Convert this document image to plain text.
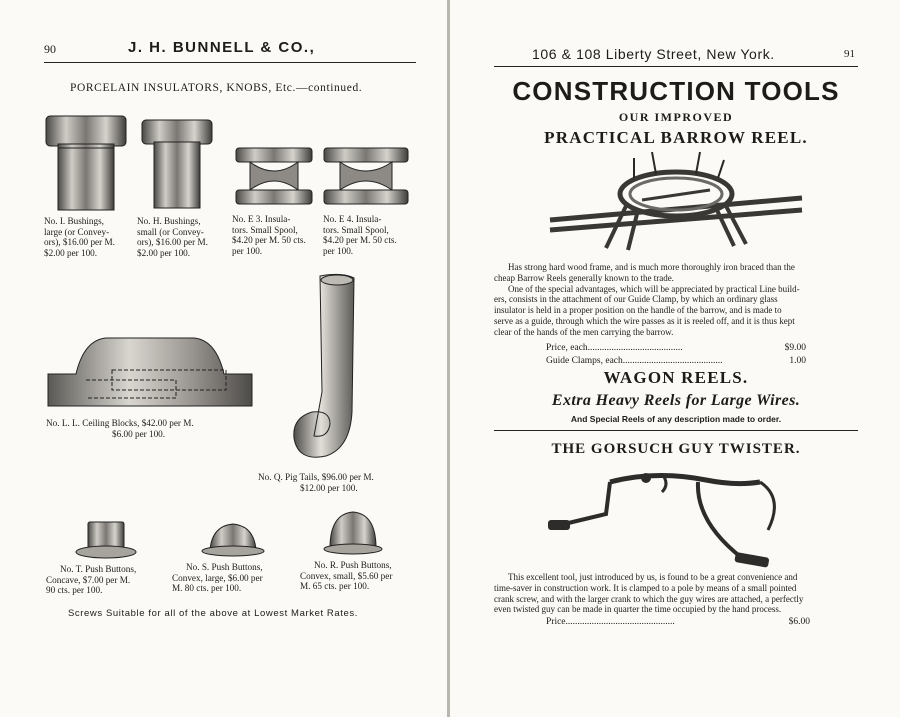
90	J. H. BUNNELL & CO.,
PORCELAIN INSULATORS, KNOBS, Etc.—continued.
No. I. Bushings,
large (or Convey-
ors), $16.00 per M.
$2.00 per 100.
No. H. Bushings,
small (or Convey-
ors), $16.00 per M.
$2.00 per 100.
No. E 3. Insula-
tors. Small Spool,
$4.20 per M. 50 cts.
per 100.
No. E 4. Insula-
tors. Small Spool,
$4.20 per M. 50 cts.
per 100.
No. L. L. Ceiling Blocks, $42.00 per M.
$6.00 per 100.
No. Q. Pig Tails, $96.00 per M.
$12.00 per 100.
No. T. Push Buttons,
Concave, $7.00 per M.
90 cts. per 100.
No. S. Push Buttons,
Convex, large, $6.00 per
M. 80 cts. per 100.
No. R. Push Buttons,
Convex, small, $5.60 per
M. 65 cts. per 100.
Screws Suitable for all of the above at Lowest Market Rates.
106 & 108 Liberty Street, New York.	91
CONSTRUCTION TOOLS
OUR IMPROVED
PRACTICAL BARROW REEL.
Has strong hard wood frame, and is much more thoroughly iron braced than the
cheap Barrow Reels generally known to the trade.
One of the special advantages, which will be appreciated by practical Line build-
ers, consists in the attachment of our Guide Clamp, by which an ordinary glass
insulator is held in a proper position on the handle of the barrow, and is made to
serve as a guide, through which the wire passes as it is reeled off, and it is thus kept
clear of the hands of the men carrying the barrow.
Price, each........................................	$9.00
Guide Clamps, each..........................................	1.00
WAGON REELS.
Extra Heavy Reels for Large Wires.
And Special Reels of any description made to order.
THE GORSUCH GUY TWISTER.
This excellent tool, just introduced by us, is found to be a great convenience and
time-saver in construction work. It is clamped to a pole by means of a small pointed
crank screw, and with the larger crank to which the guy wires are attached, a perfectly
even twisted guy can be made in quarter the time occupied by the hand process.
Price..............................................	$6.00
